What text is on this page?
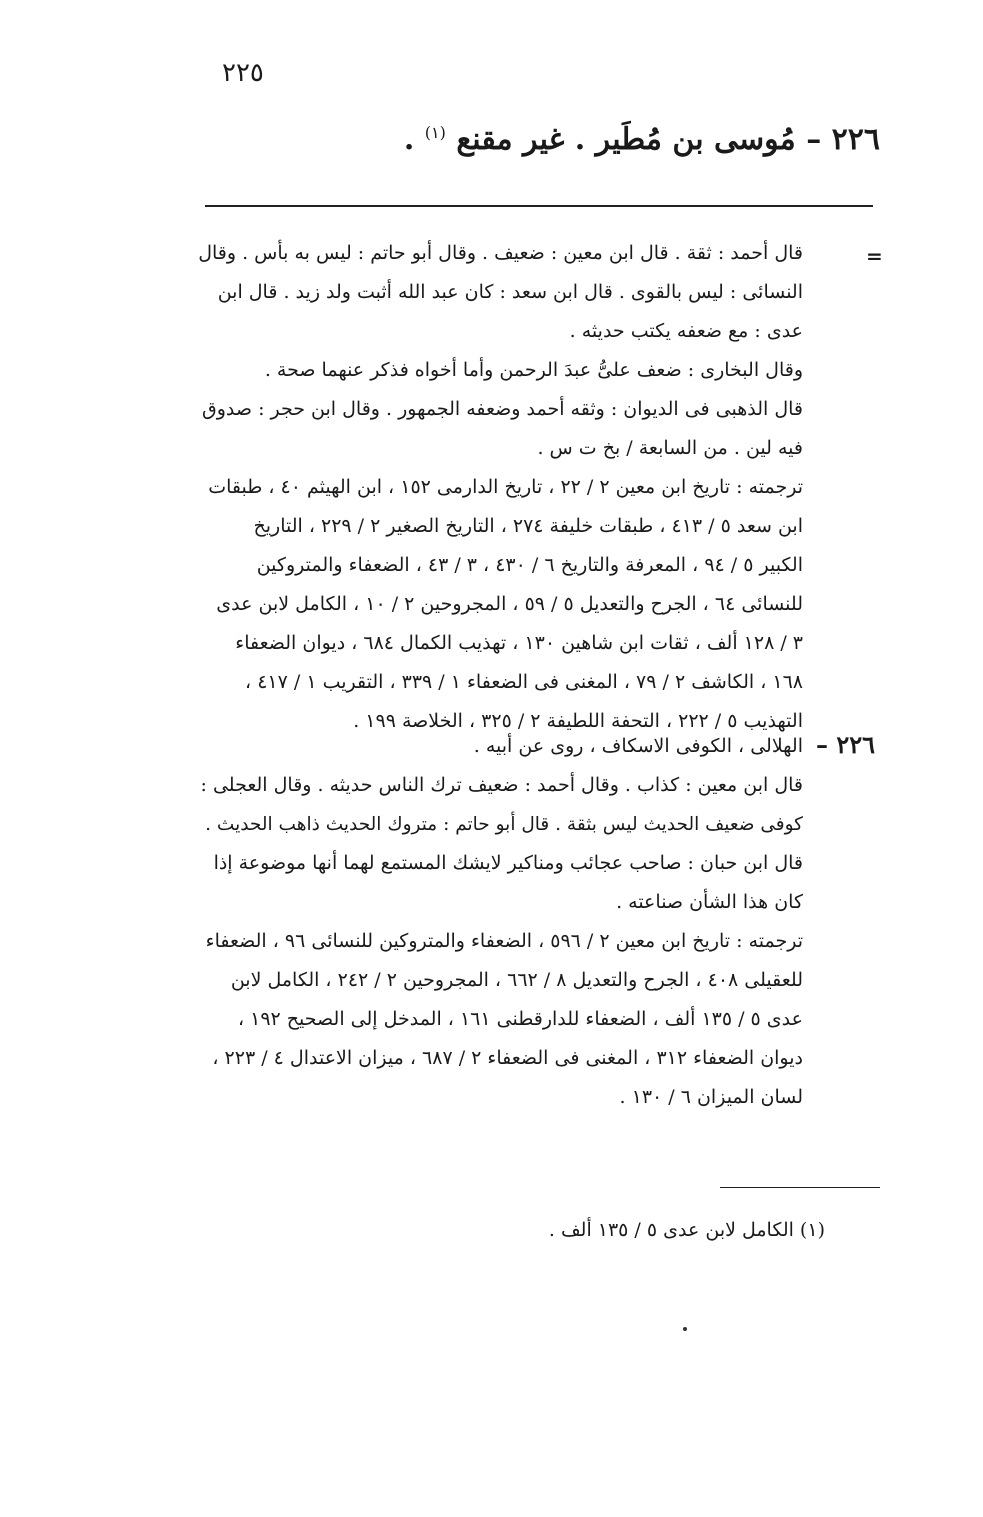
٢٢٥
٢٢٦ – مُوسى بن مُطَير . غير مقنع $^{(١)}$ .
=
قال أحمد : ثقة . قال ابن معين : ضعيف . وقال أبو حاتم : ليس به بأس . وقال
النسائى : ليس بالقوى . قال ابن سعد : كان عبد الله أثبت ولد زيد . قال ابن
عدى : مع ضعفه يكتب حديثه .
وقال البخارى : ضعف علىُّ عبدَ الرحمن وأما أخواه فذكر عنهما صحة .
قال الذهبى فى الديوان : وثقه أحمد وضعفه الجمهور . وقال ابن حجر : صدوق
فيه لين . من السابعة / بخ ت س .
ترجمته : تاريخ ابن معين ٢ / ٢٢ ، تاريخ الدارمى ١٥٢ ، ابن الهيثم ٤٠ ، طبقات
ابن سعد ٥ / ٤١٣ ، طبقات خليفة ٢٧٤ ، التاريخ الصغير ٢ / ٢٢٩ ، التاريخ
الكبير ٥ / ٩٤ ، المعرفة والتاريخ ٦ / ٤٣٠ ، ٣ / ٤٣ ، الضعفاء والمتروكين
للنسائى ٦٤ ، الجرح والتعديل ٥ / ٥٩ ، المجروحين ٢ / ١٠ ، الكامل لابن عدى
٣ / ١٢٨ ألف ، ثقات ابن شاهين ١٣٠ ، تهذيب الكمال ٦٨٤ ، ديوان الضعفاء
١٦٨ ، الكاشف ٢ / ٧٩ ، المغنى فى الضعفاء ١ / ٣٣٩ ، التقريب ١ / ٤١٧ ،
التهذيب ٥ / ٢٢٢ ، التحفة اللطيفة ٢ / ٣٢٥ ، الخلاصة ١٩٩ .
٢٢٦ –
الهلالى ، الكوفى الاسكاف ، روى عن أبيه .
قال ابن معين : كذاب . وقال أحمد : ضعيف ترك الناس حديثه . وقال العجلى :
كوفى ضعيف الحديث ليس بثقة . قال أبو حاتم : متروك الحديث ذاهب الحديث .
قال ابن حبان : صاحب عجائب ومناكير لايشك المستمع لهما أنها موضوعة إذا
كان هذا الشأن صناعته .
ترجمته : تاريخ ابن معين ٢ / ٥٩٦ ، الضعفاء والمتروكين للنسائى ٩٦ ، الضعفاء
للعقيلى ٤٠٨ ، الجرح والتعديل ٨ / ٦٦٢ ، المجروحين ٢ / ٢٤٢ ، الكامل لابن
عدى ٥ / ١٣٥ ألف ، الضعفاء للدارقطنى ١٦١ ، المدخل إلى الصحيح ١٩٢ ،
ديوان الضعفاء ٣١٢ ، المغنى فى الضعفاء ٢ / ٦٨٧ ، ميزان الاعتدال ٤ / ٢٢٣ ،
لسان الميزان ٦ / ١٣٠ .
(١) الكامل لابن عدى ٥ / ١٣٥ ألف .
